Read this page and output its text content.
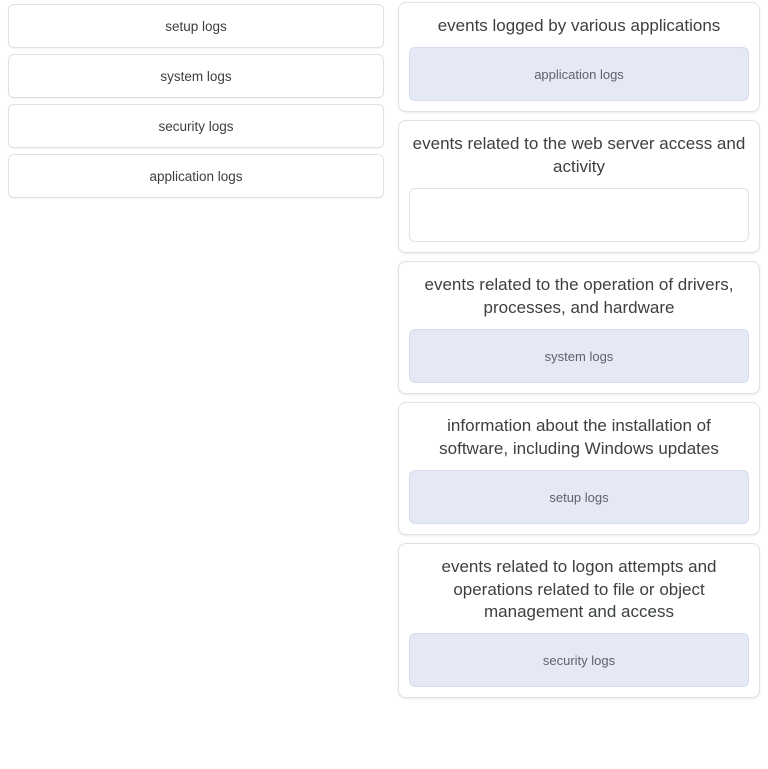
setup logs
system logs
security logs
application logs
events logged by various applications
application logs
events related to the web server access and activity
events related to the operation of drivers, processes, and hardware
system logs
information about the installation of software, including Windows updates
setup logs
events related to logon attempts and operations related to file or object management and access
security logs
